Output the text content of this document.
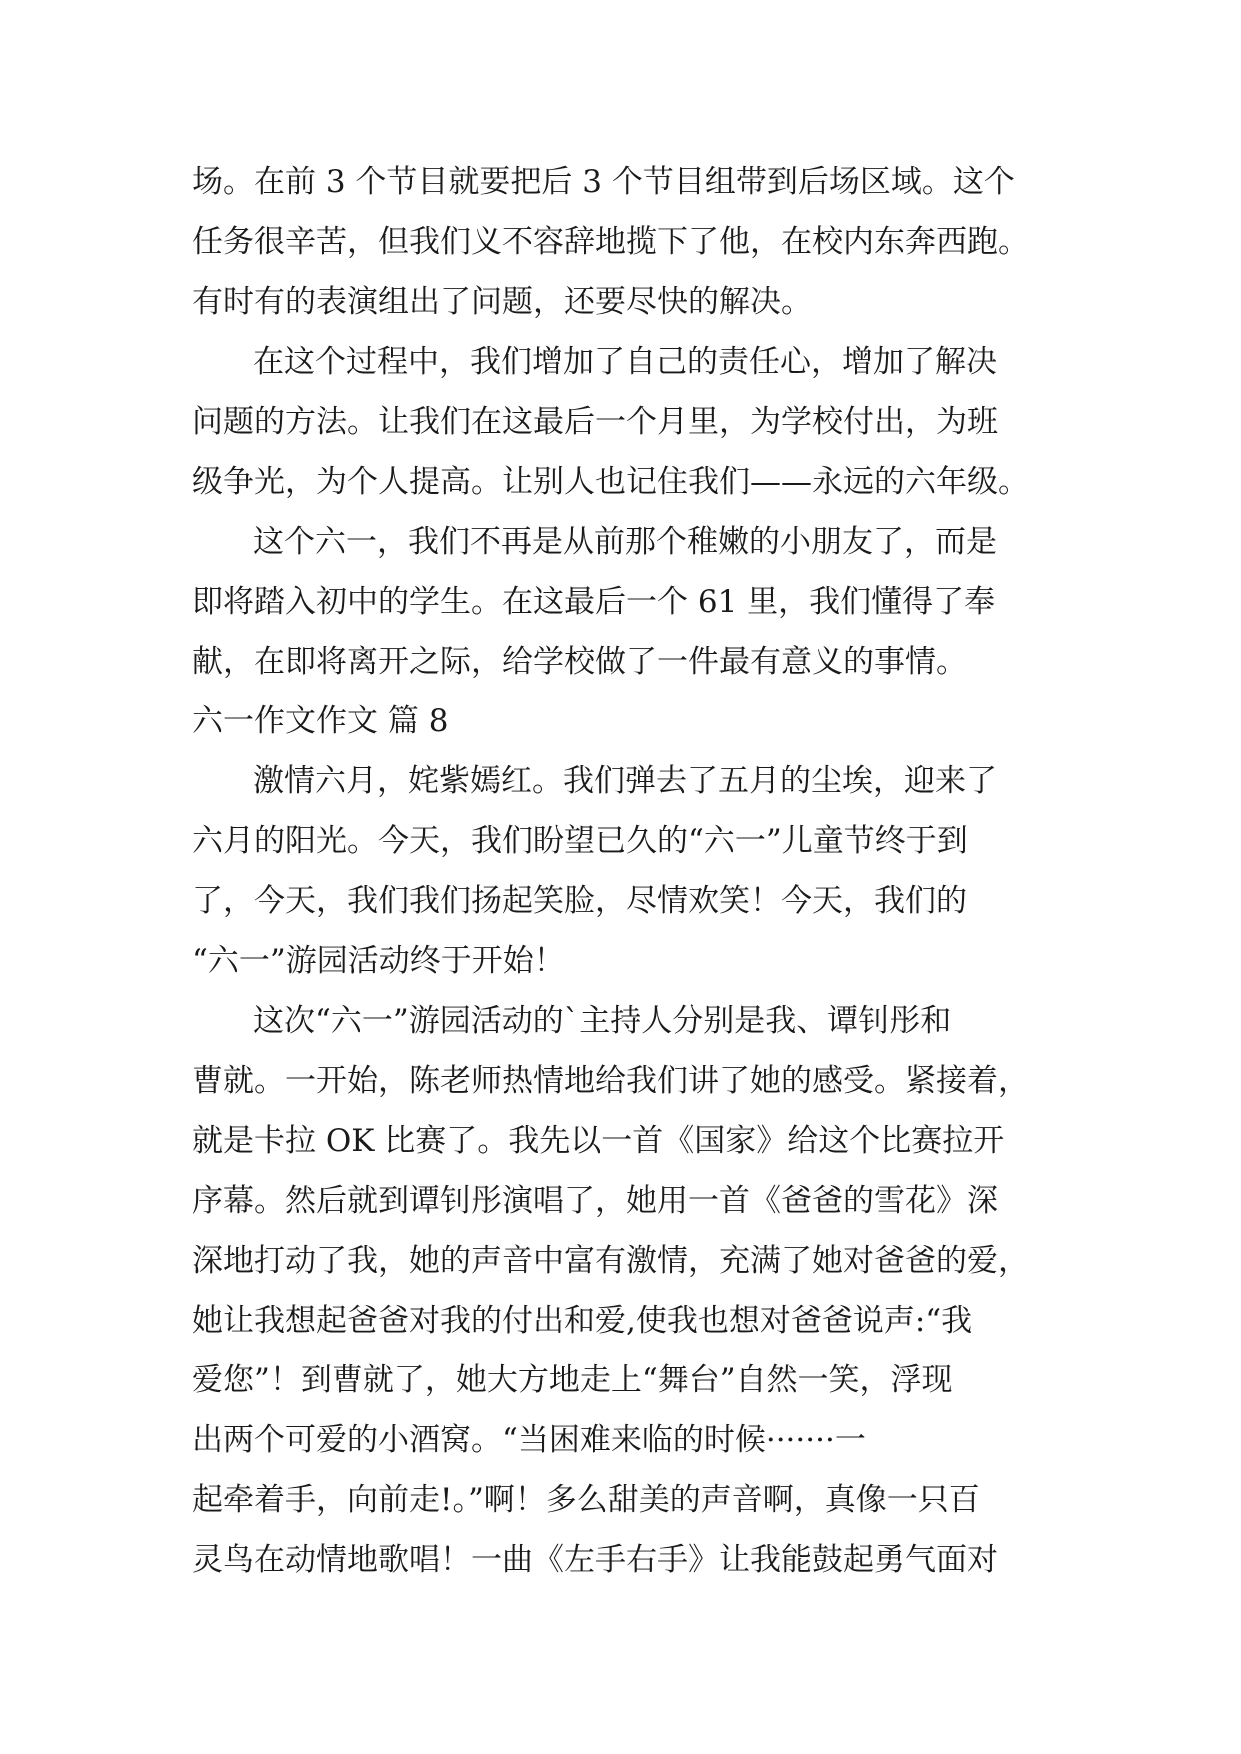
场。在前 3 个节目就要把后 3 个节目组带到后场区域。这个

任务很辛苦，但我们义不容辞地揽下了他，在校内东奔西跑。

有时有的表演组出了问题，还要尽快的解决。

在这个过程中，我们增加了自己的责任心，增加了解决

问题的方法。让我们在这最后一个月里，为学校付出，为班

级争光，为个人提高。让别人也记住我们——永远的六年级。

这个六一，我们不再是从前那个稚嫩的小朋友了，而是

即将踏入初中的学生。在这最后一个 61 里，我们懂得了奉

献，在即将离开之际，给学校做了一件最有意义的事情。

六一作文作文 篇 8

激情六月，姹紫嫣红。我们弹去了五月的尘埃，迎来了

六月的阳光。今天，我们盼望已久的“六一”儿童节终于到

了，今天，我们我们扬起笑脸，尽情欢笑！今天，我们的

“六一”游园活动终于开始！

这次“六一”游园活动的`主持人分别是我、谭钊彤和

曹就。一开始，陈老师热情地给我们讲了她的感受。紧接着，

就是卡拉 OK 比赛了。我先以一首《国家》给这个比赛拉开

序幕。然后就到谭钊彤演唱了，她用一首《爸爸的雪花》深

深地打动了我，她的声音中富有激情，充满了她对爸爸的爱，

她让我想起爸爸对我的付出和爱,使我也想对爸爸说声:“我

爱您”！到曹就了，她大方地走上“舞台”自然一笑，浮现

出两个可爱的小酒窝。“当困难来临的时候·······一

起牵着手，向前走!。”啊！多么甜美的声音啊，真像一只百

灵鸟在动情地歌唱！一曲《左手右手》让我能鼓起勇气面对
